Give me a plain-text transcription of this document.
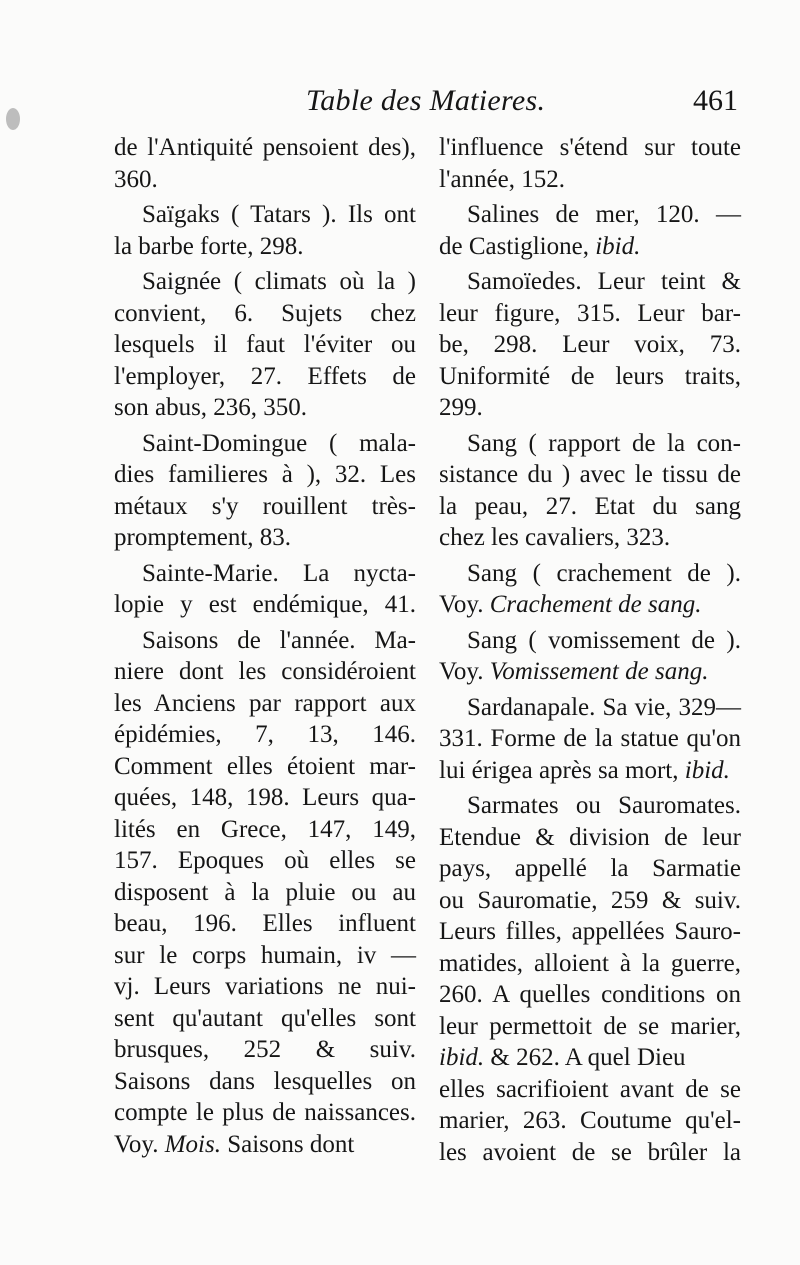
Table des Matieres.	461
de l'Antiquité pensoient des),
360.
Saïgaks ( Tatars ). Ils ont
la barbe forte, 298.
Saignée ( climats où la )
convient, 6. Sujets chez
lesquels il faut l'éviter ou
l'employer, 27. Effets de
son abus, 236, 350.
Saint-Domingue ( mala-
dies familieres à ), 32. Les
métaux s'y rouillent très-
promptement, 83.
Sainte-Marie. La nyctа-
lopie y est endémique, 41.
Saisons de l'année. Ma-
niere dont les considéroient
les Anciens par rapport aux
épidémies, 7, 13, 146.
Comment elles étoient mar-
quées, 148, 198. Leurs qua-
lités en Grece, 147, 149,
157. Epoques où elles se
disposent à la pluie ou au
beau, 196. Elles influent
sur le corps humain, iv —
vj. Leurs variations ne nui-
sent qu'autant qu'elles sont
brusques, 252 & suiv.
Saisons dans lesquelles on
compte le plus de naissances.
Voy. Mois. Saisons dont
l'influence s'étend sur toute
l'année, 152.
Salines de mer, 120. —
de Castiglione, ibid.
Samoïedes. Leur teint &
leur figure, 315. Leur bar-
be, 298. Leur voix, 73.
Uniformité de leurs traits,
299.
Sang ( rapport de la con-
sistance du ) avec le tissu de
la peau, 27. Etat du sang
chez les cavaliers, 323.
Sang ( crachement de ).
Voy. Crachement de sang.
Sang ( vomissement de ).
Voy. Vomissement de sang.
Sardanapale. Sa vie, 329—
331. Forme de la statue qu'on
lui érigea après sa mort, ibid.
Sarmates ou Sauromates.
Etendue & division de leur
pays, appellé la Sarmatie
ou Sauromatie, 259 & suiv.
Leurs filles, appellées Sauro-
matides, alloient à la guerre,
260. A quelles conditions on
leur permettoit de se marier,
ibid. & 262. A quel Dieu
elles sacrifioient avant de se
marier, 263. Coutume qu'el-
les avoient de se brûler la
